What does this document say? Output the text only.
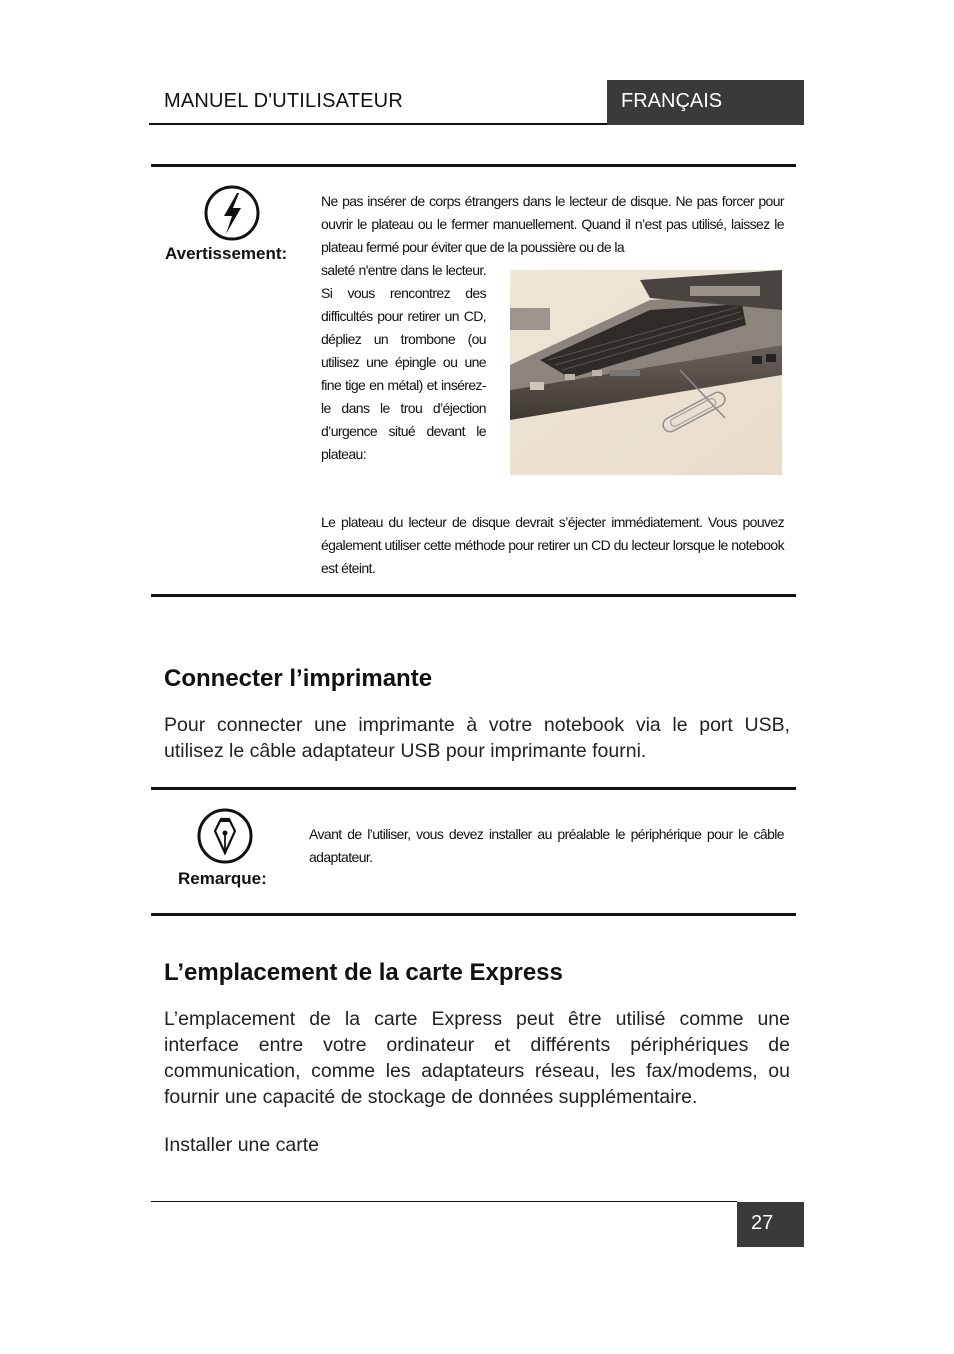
MANUEL D'UTILISATEUR	FRANÇAIS
Avertissement:
Ne pas insérer de corps étrangers dans le lecteur de disque. Ne pas forcer pour ouvrir le plateau ou le fermer manuellement. Quand il n’est pas utilisé, laissez le plateau fermé pour éviter que de la poussière ou de la
saleté n'entre dans le lecteur. Si vous rencontrez des difficultés pour retirer un CD, dépliez un trombone (ou utilisez une épingle ou une fine tige en métal) et insérez-le dans le trou d’éjection d’urgence situé devant le plateau:
Le plateau du lecteur de disque devrait s’éjecter immédiatement. Vous pouvez également utiliser cette méthode pour retirer un CD du lecteur lorsque le notebook est éteint.
Connecter l’imprimante
Pour connecter une imprimante à votre notebook via le port USB, utilisez le câble adaptateur USB pour imprimante fourni.
Remarque:
Avant de l’utiliser, vous devez installer au préalable le périphérique pour le câble adaptateur.
L’emplacement de la carte Express
L’emplacement de la carte Express peut être utilisé comme une interface entre votre ordinateur et différents périphériques de communication, comme les adaptateurs réseau, les fax/modems, ou fournir une capacité de stockage de données supplémentaire.
Installer une carte
27
